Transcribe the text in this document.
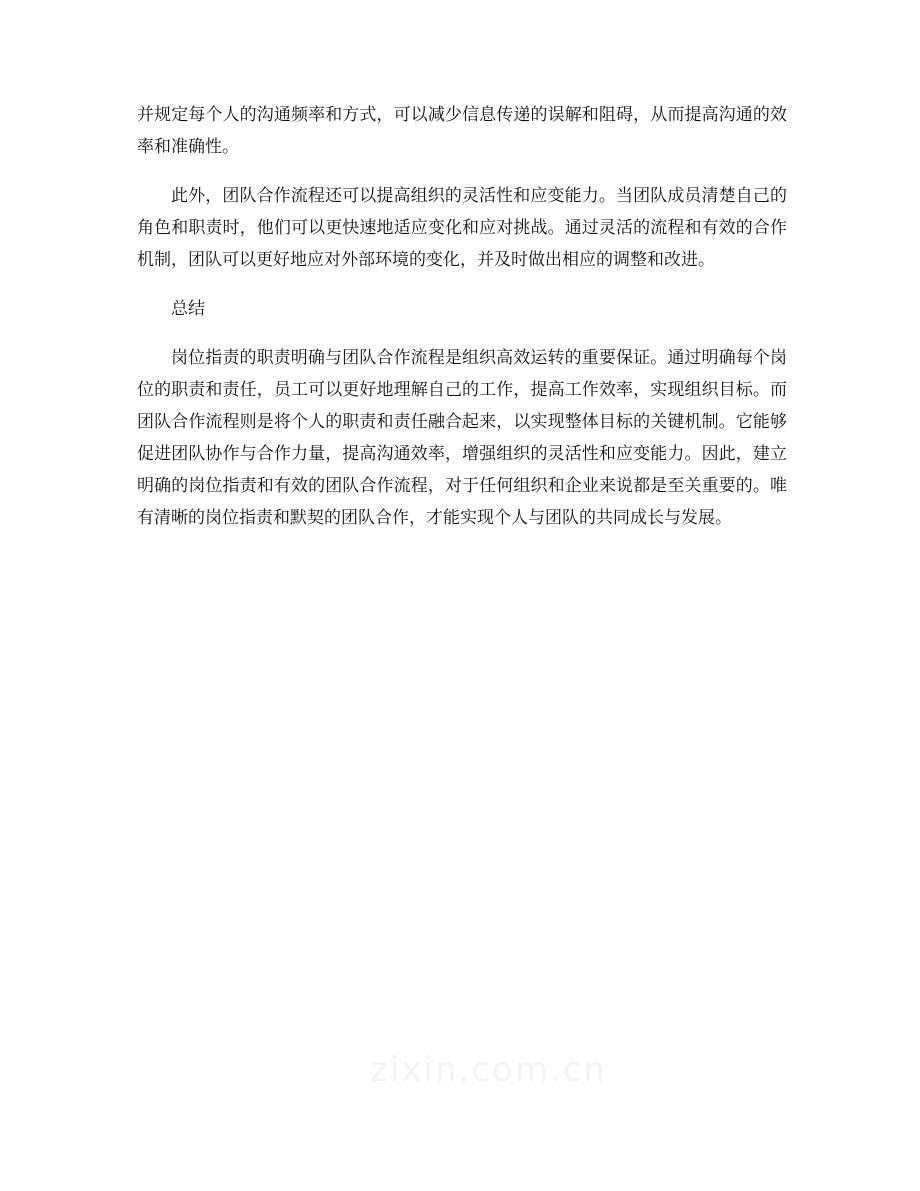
并规定每个人的沟通频率和方式，可以减少信息传递的误解和阻碍，从而提高沟通的效率和准确性。

此外，团队合作流程还可以提高组织的灵活性和应变能力。当团队成员清楚自己的角色和职责时，他们可以更快速地适应变化和应对挑战。通过灵活的流程和有效的合作机制，团队可以更好地应对外部环境的变化，并及时做出相应的调整和改进。

总结

岗位指责的职责明确与团队合作流程是组织高效运转的重要保证。通过明确每个岗位的职责和责任，员工可以更好地理解自己的工作，提高工作效率，实现组织目标。而团队合作流程则是将个人的职责和责任融合起来，以实现整体目标的关键机制。它能够促进团队协作与合作力量，提高沟通效率，增强组织的灵活性和应变能力。因此，建立明确的岗位指责和有效的团队合作流程，对于任何组织和企业来说都是至关重要的。唯有清晰的岗位指责和默契的团队合作，才能实现个人与团队的共同成长与发展。

zixin.com.cn
